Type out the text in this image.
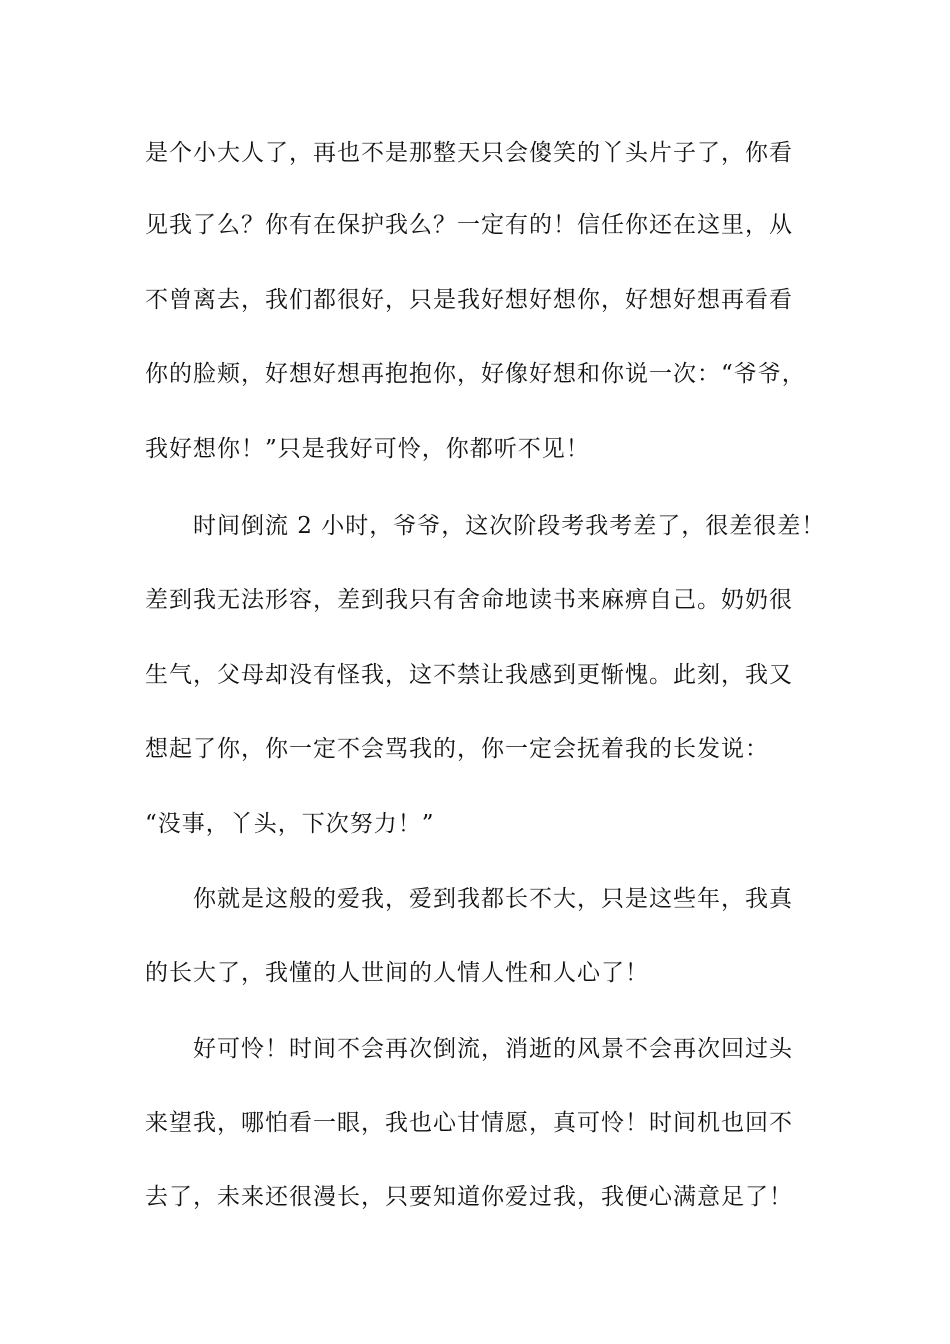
是个小大人了，再也不是那整天只会傻笑的丫头片子了，你看
见我了么？你有在保护我么？一定有的！信任你还在这里，从
不曾离去，我们都很好，只是我好想好想你，好想好想再看看
你的脸颊，好想好想再抱抱你，好像好想和你说一次：“爷爷，
我好想你！”只是我好可怜，你都听不见！
时间倒流 2 小时，爷爷，这次阶段考我考差了，很差很差！
差到我无法形容，差到我只有舍命地读书来麻痹自己。奶奶很
生气，父母却没有怪我，这不禁让我感到更惭愧。此刻，我又
想起了你，你一定不会骂我的，你一定会抚着我的长发说：
“没事，丫头，下次努力！”
你就是这般的爱我，爱到我都长不大，只是这些年，我真
的长大了，我懂的人世间的人情人性和人心了！
好可怜！时间不会再次倒流，消逝的风景不会再次回过头
来望我，哪怕看一眼，我也心甘情愿，真可怜！时间机也回不
去了，未来还很漫长，只要知道你爱过我，我便心满意足了！
